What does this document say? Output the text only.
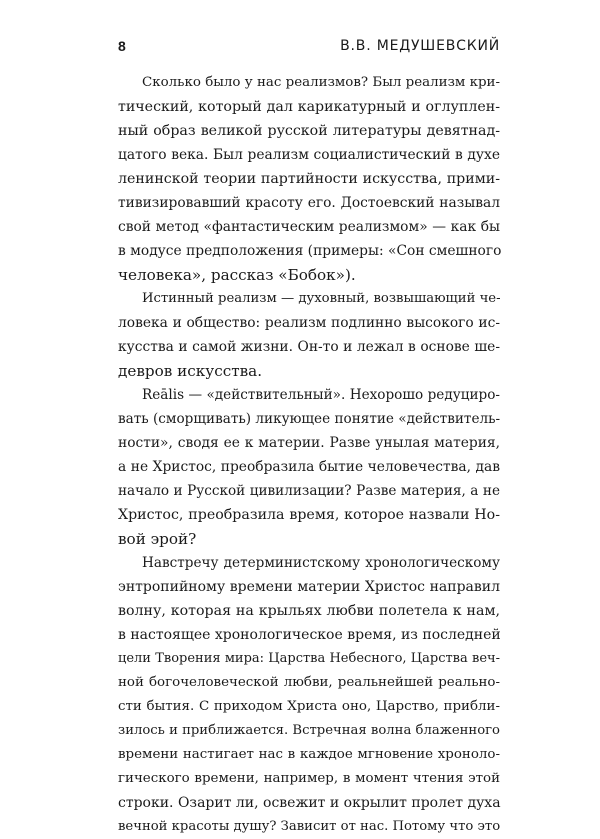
8	В.В. МЕДУШЕВСКИЙ
Сколько было у нас реализмов? Был реализм кри-
тический, который дал карикатурный и оглуплен-
ный образ великой русской литературы девятнад-
цатого века. Был реализм социалистический в духе
ленинской теории партийности искусства, прими-
тивизировавший красоту его. Достоевский называл
свой метод «фантастическим реализмом» — как бы
в модусе предположения (примеры: «Сон смешного
человека», рассказ «Бобок»).
Истинный реализм — духовный, возвышающий че-
ловека и общество: реализм подлинно высокого ис-
кусства и самой жизни. Он-то и лежал в основе ше-
девров искусства.
Reālis — «действительный». Нехорошо редуциро-
вать (сморщивать) ликующее понятие «действитель-
ности», сводя ее к материи. Разве унылая материя,
а не Христос, преобразила бытие человечества, дав
начало и Русской цивилизации? Разве материя, а не
Христос, преобразила время, которое назвали Но-
вой эрой?
Навстречу детерминистскому хронологическому
энтропийному времени материи Христос направил
волну, которая на крыльях любви полетела к нам,
в настоящее хронологическое время, из последней
цели Творения мира: Царства Небесного, Царства веч-
ной богочеловеческой любви, реальнейшей реально-
сти бытия. С приходом Христа оно, Царство, прибли-
зилось и приближается. Встречная волна блаженного
времени настигает нас в каждое мгновение хроноло-
гического времени, например, в момент чтения этой
строки. Озарит ли, освежит и окрылит пролет духа
вечной красоты душу? Зависит от нас. Потому что это
